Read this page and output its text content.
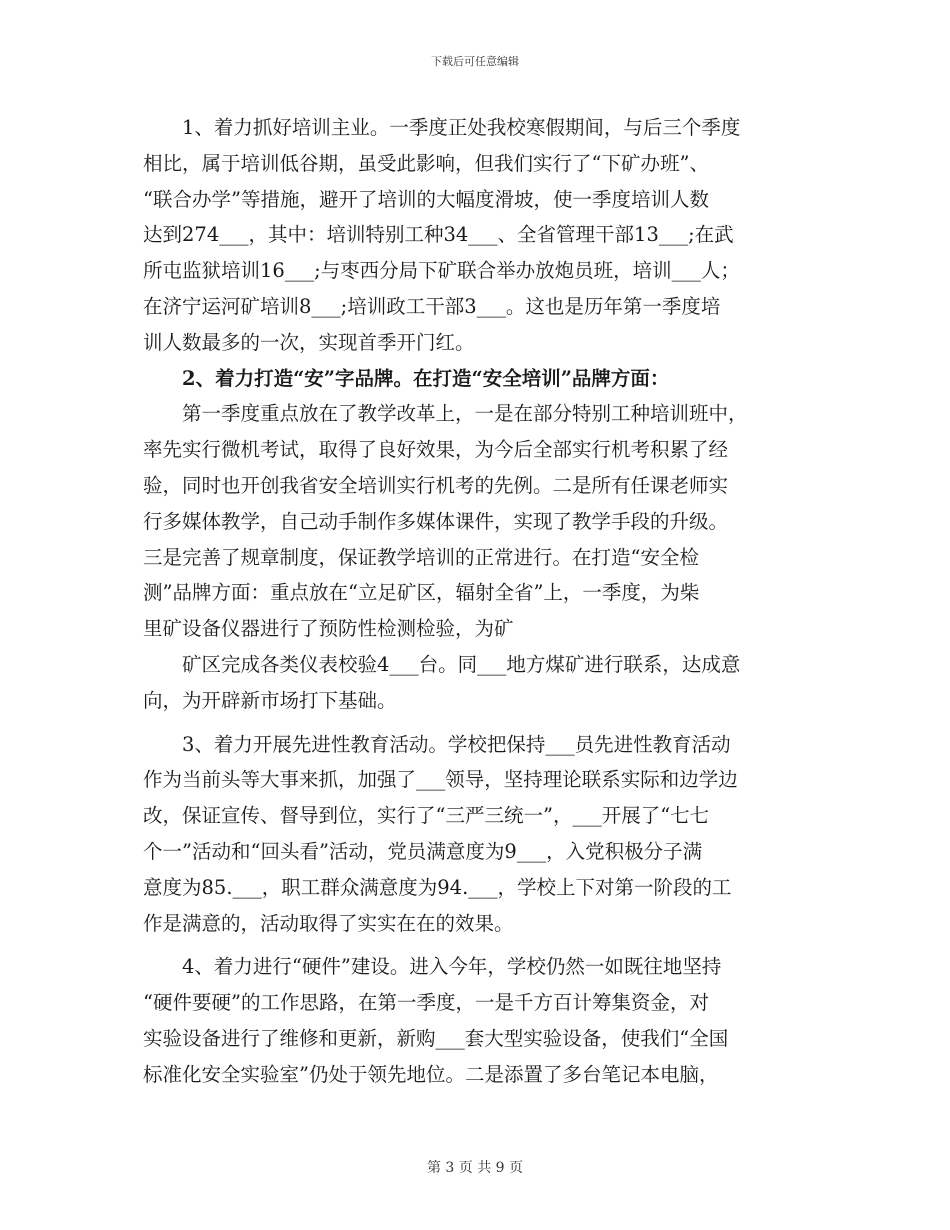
下载后可任意编辑
1、着力抓好培训主业。一季度正处我校寒假期间，与后三个季度
相比，属于培训低谷期，虽受此影响，但我们实行了“下矿办班”、
“联合办学”等措施，避开了培训的大幅度滑坡，使一季度培训人数
达到274___，其中：培训特别工种34___、全省管理干部13___;在武
所屯监狱培训16___;与枣西分局下矿联合举办放炮员班，培训___人；
在济宁运河矿培训8___;培训政工干部3___。这也是历年第一季度培
训人数最多的一次，实现首季开门红。
2、着力打造“安”字品牌。在打造“安全培训”品牌方面：
第一季度重点放在了教学改革上，一是在部分特别工种培训班中，
率先实行微机考试，取得了良好效果，为今后全部实行机考积累了经
验，同时也开创我省安全培训实行机考的先例。二是所有任课老师实
行多媒体教学，自己动手制作多媒体课件，实现了教学手段的升级。
三是完善了规章制度，保证教学培训的正常进行。在打造“安全检
测”品牌方面：重点放在“立足矿区，辐射全省”上，一季度，为柴
里矿设备仪器进行了预防性检测检验，为矿
矿区完成各类仪表校验4___台。同___地方煤矿进行联系，达成意
向，为开辟新市场打下基础。
3、着力开展先进性教育活动。学校把保持___员先进性教育活动
作为当前头等大事来抓，加强了___领导，坚持理论联系实际和边学边
改，保证宣传、督导到位，实行了“三严三统一”，___开展了“七七
个一”活动和“回头看”活动，党员满意度为9___，入党积极分子满
意度为85.___，职工群众满意度为94.___，学校上下对第一阶段的工
作是满意的，活动取得了实实在在的效果。
4、着力进行“硬件”建设。进入今年，学校仍然一如既往地坚持
“硬件要硬”的工作思路，在第一季度，一是千方百计筹集资金，对
实验设备进行了维修和更新，新购___套大型实验设备，使我们“全国
标准化安全实验室”仍处于领先地位。二是添置了多台笔记本电脑，
第 3 页 共 9 页
